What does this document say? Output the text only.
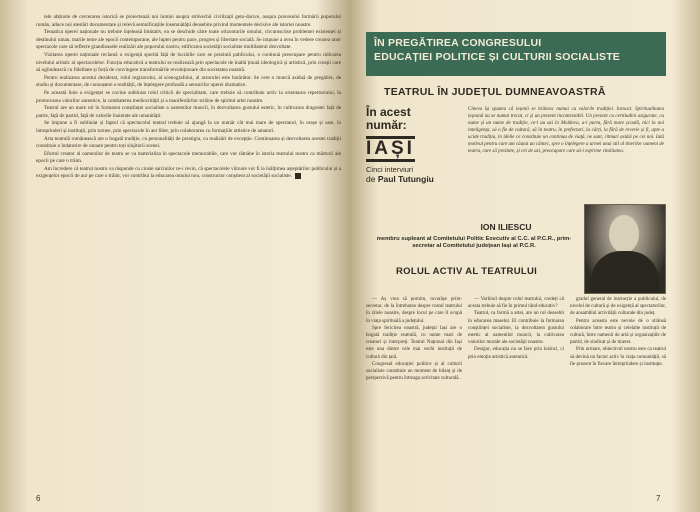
tele abținute de cercetarea istorică se proiectează noi lumini asupra străvechii civilizații geto-dacice, asupra procesului formării poporului român, aduce noi atestări documentare și relevă semnificațiile însemnătății deosebite privind momentele decisive ale istoriei noastre.

Tematica operei naționale nu trebuie înțeleasă limitativ, ea se deschide către toate orizonturile omului, circumscrise problemei existenței și destinului uman, marile teme ale epocii contemporane, ale luptei pentru pace, progres și libertate socială. Se impune a avea în vedere crearea unor spectacole care să reflecte grandioasele realizări ale poporului nostru, edificarea societății socialiste multilateral dezvoltate.

Vizitarea operei naționale reclamă o exigență sporită față de lucrările care se prezintă publicului, o continuă preocupare pentru ridicarea nivelului artistic al spectacolelor. Funcția educativă a teatrului se realizează prin spectacole de înaltă ținută ideologică și artistică, prin creații care să oglindească cu fidelitate și forță de convingere transformările revoluționare din societatea noastră.

Pentru realizarea acestui deziderat, rolul regizorului, al scenografului, al actorului este hotărâtor. Se cere o muncă asiduă de pregătire, de studiu și documentare, de cunoaștere a realității, de înțelegere profundă a sensurilor operei dramatice.

Pe această linie a exigenței se cuvine subliniat rolul criticii de specialitate, care trebuie să contribuie activ la orientarea repertoriului, la promovarea valorilor autentice, la combaterea mediocrității și a manifestărilor străine de spiritul artei noastre.

Teatrul are un mare rol în formarea conștiinței socialiste a oamenilor muncii, în dezvoltarea gustului estetic, în cultivarea dragostei față de patrie, față de partid, față de valorile înaintate ale umanității.

Se impune a fi subliniat și faptul că spectacolul teatral trebuie să ajungă la un număr cât mai mare de spectatori, în orașe și sate, în întreprinderi și instituții, prin turnee, prin spectacole în aer liber, prin colaborarea cu formațiile artistice de amatori.

Arta teatrală românească are o bogată tradiție, cu personalități de prestigiu, cu realizări de excepție. Continuarea și dezvoltarea acestei tradiții constituie o îndatorire de onoare pentru toți slujitorii scenei.

Efortul creator al oamenilor de teatru se va materializa în spectacole memorabile, care vor rămâne în istoria teatrului nostru ca mărturii ale epocii pe care o trăim.

Am încredere că teatrul nostru va răspunde cu cinste sarcinilor ce-i revin, că spectacolele viitoare vor fi la înălțimea așteptărilor publicului și a exigențelor epocii de aur pe care o trăim, vor contribui la educarea omului nou, constructor conștient al societății socialiste.

6
ÎN PREGĂTIREA CONGRESULUI
EDUCAȚIEI POLITICE ȘI CULTURII SOCIALISTE
TEATRUL ÎN JUDEȚUL DUMNEAVOASTRĂ
În acest
număr:
IAȘI
Cinci interviuri
de Paul Tutungiu
Cineva își spunea că ieșenii se hrănesc numai cu valorile tradiției. Inexact. Spiritualitatea ieșeană nu se numai trecut, ci și un prezent incontestabil. Un prezent cu certitudini asigurate, cu nume și un nume de tradiție, ce-l au azi în Moldova, a-i purta, fără mare școală, nici la noi inteligența, să o fie de cultură, să în teatru, în prefecturi, la cărți, la fără de reverie și fi, apte a ucide tradiția, în ideile ce constituie un continuu de viață, ne sunt, ritmuri astăzi pe cei noi. Iată motivul pentru care am căutat un cântec, spre o înțelegere a urmei unui stil al tinerilor oameni de teatru, care să prezinte, și cei de azi, preocupare care să-i exprime vitalitatea.
ION ILIESCU
membru supleant al Comitetului Politic Executiv al C.C. al P.C.R., prim-secretar al Comitetului județean Iași al P.C.R.
ROLUL ACTIV AL TEATRULUI

— Aș vrea să pornim, tovarășe prim-secretar, de la întrebarea despre rostul teatrului în zilele noastre, despre locul pe care îl ocupă în viața spirituală a județului.

Spre fericirea noastră, județul Iași are o bogată tradiție teatrală, cu nume mari de creatori și interpreți. Teatrul Național din Iași este una dintre cele mai vechi instituții de cultură din țară.

Congresul educației politice și al culturii socialiste constituie un moment de bilanț și de perspectivă pentru întreaga activitate culturală.

— Vorbind despre rolul teatrului, credeți că acesta trebuie să fie în primul rând educativ?

Teatrul, ca formă a artei, are un rol deosebit în educarea maselor. El contribuie la formarea conștiinței socialiste, la dezvoltarea gustului estetic al oamenilor muncii, la cultivarea valorilor morale ale societății noastre.

Desigur, educația nu se face prin lozinci, ci prin emoție artistică autentică.

gradul general de instrucție a publicului, de nivelul de cultură și de exigență al spectatorilor, de ansamblul activității culturale din județ.

Pentru aceasta este nevoie de o strânsă colaborare între teatru și celelalte instituții de cultură, între oamenii de artă și organizațiile de partid, de sindicat și de tineret.

Prin urmare, obiectivul nostru este ca teatrul să devină un factor activ în viața comunității, să fie prezent în fiecare întreprindere și instituție.

7
